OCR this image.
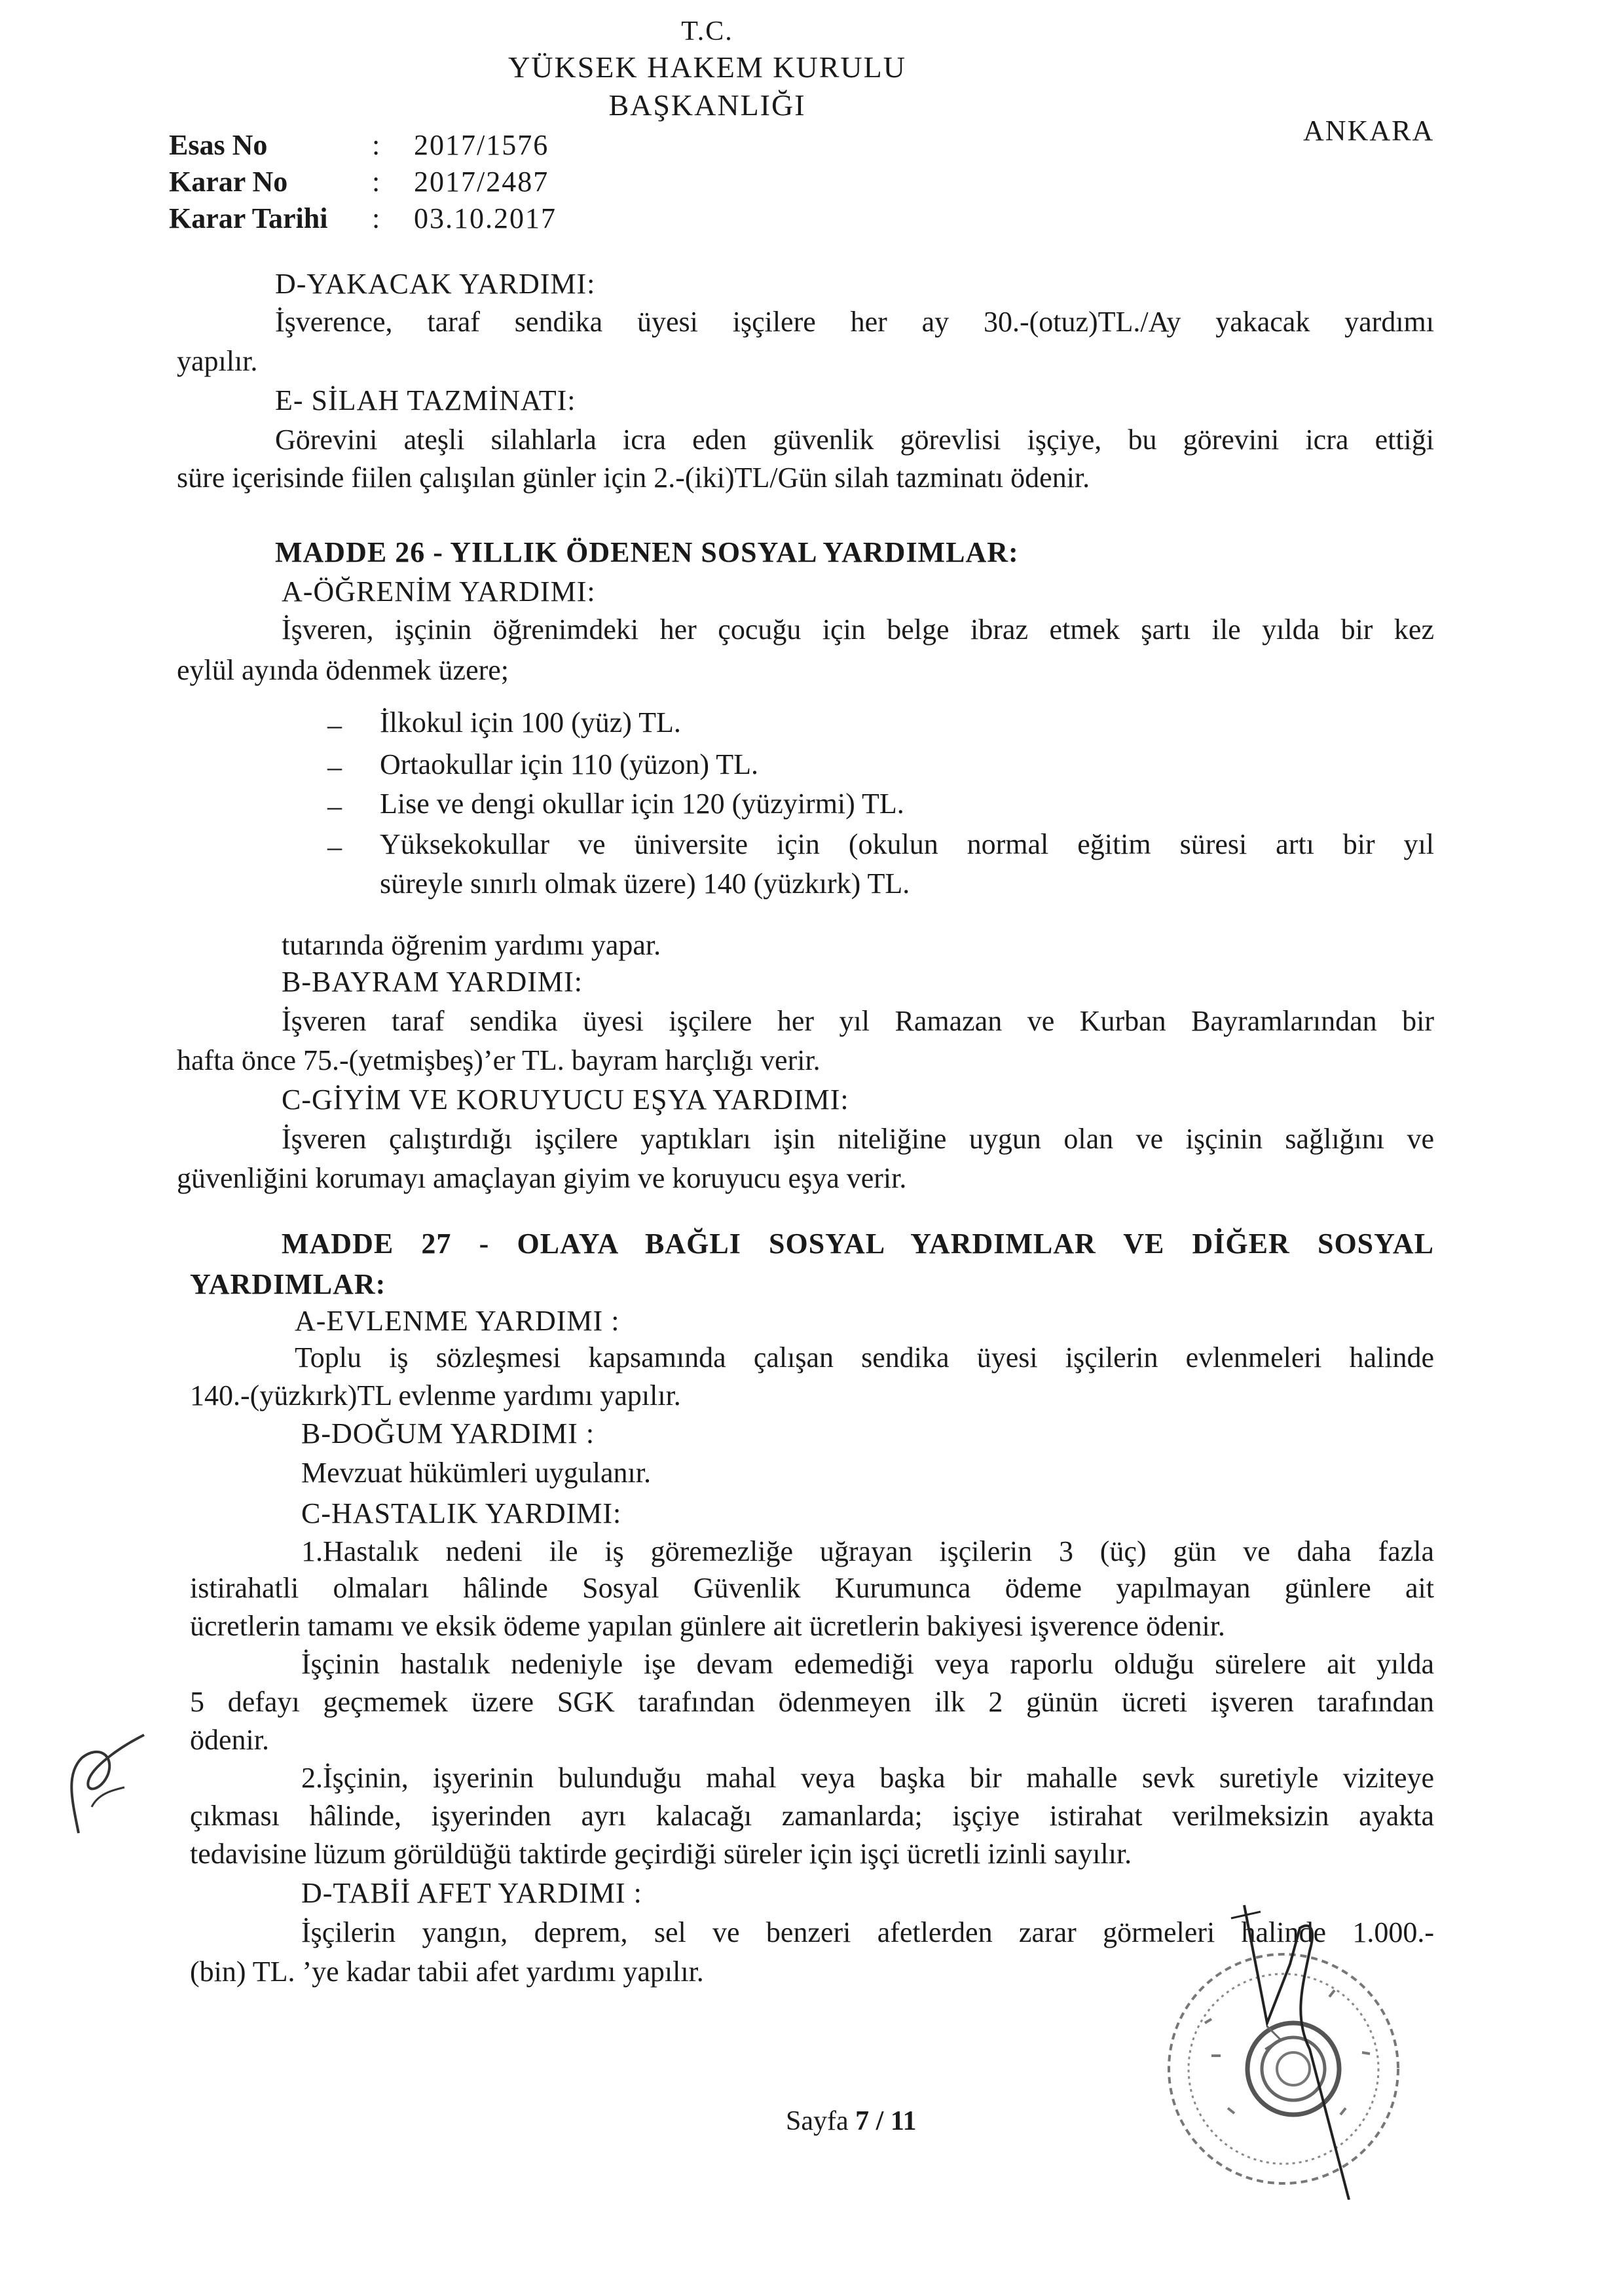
T.C.
YÜKSEK HAKEM KURULU
BAŞKANLIĞI
ANKARA
Esas No	:	2017/1576
Karar No	:	2017/2487
Karar Tarihi	:	03.10.2017
D-YAKACAK YARDIMI:
İşverence, taraf sendika üyesi işçilere her ay 30.-(otuz)TL./Ay yakacak yardımı
yapılır.
E- SİLAH TAZMİNATI:
Görevini ateşli silahlarla icra eden güvenlik görevlisi işçiye, bu görevini icra ettiği
süre içerisinde fiilen çalışılan günler için 2.-(iki)TL/Gün silah tazminatı ödenir.
MADDE 26 - YILLIK ÖDENEN SOSYAL YARDIMLAR:
A-ÖĞRENİM YARDIMI:
İşveren, işçinin öğrenimdeki her çocuğu için belge ibraz etmek şartı ile yılda bir kez
eylül ayında ödenmek üzere;
– İlkokul için 100 (yüz) TL.
– Ortaokullar için 110 (yüzon) TL.
– Lise ve dengi okullar için 120 (yüzyirmi) TL.
– Yüksekokullar ve üniversite için (okulun normal eğitim süresi artı bir yıl
süreyle sınırlı olmak üzere) 140 (yüzkırk) TL.
tutarında öğrenim yardımı yapar.
B-BAYRAM YARDIMI:
İşveren taraf sendika üyesi işçilere her yıl Ramazan ve Kurban Bayramlarından bir
hafta önce 75.-(yetmişbeş)’er TL. bayram harçlığı verir.
C-GİYİM VE KORUYUCU EŞYA YARDIMI:
İşveren çalıştırdığı işçilere yaptıkları işin niteliğine uygun olan ve işçinin sağlığını ve
güvenliğini korumayı amaçlayan giyim ve koruyucu eşya verir.
MADDE 27 - OLAYA BAĞLI SOSYAL YARDIMLAR VE DİĞER SOSYAL
YARDIMLAR:
A-EVLENME YARDIMI :
Toplu iş sözleşmesi kapsamında çalışan sendika üyesi işçilerin evlenmeleri halinde
140.-(yüzkırk)TL evlenme yardımı yapılır.
B-DOĞUM YARDIMI :
Mevzuat hükümleri uygulanır.
C-HASTALIK YARDIMI:
1.Hastalık nedeni ile iş göremezliğe uğrayan işçilerin 3 (üç) gün ve daha fazla
istirahatli olmaları hâlinde Sosyal Güvenlik Kurumunca ödeme yapılmayan günlere ait
ücretlerin tamamı ve eksik ödeme yapılan günlere ait ücretlerin bakiyesi işverence ödenir.
İşçinin hastalık nedeniyle işe devam edemediği veya raporlu olduğu sürelere ait yılda
5 defayı geçmemek üzere SGK tarafından ödenmeyen ilk 2 günün ücreti işveren tarafından
ödenir.
2.İşçinin, işyerinin bulunduğu mahal veya başka bir mahalle sevk suretiyle viziteye
çıkması hâlinde, işyerinden ayrı kalacağı zamanlarda; işçiye istirahat verilmeksizin ayakta
tedavisine lüzum görüldüğü taktirde geçirdiği süreler için işçi ücretli izinli sayılır.
D-TABİİ AFET YARDIMI :
İşçilerin yangın, deprem, sel ve benzeri afetlerden zarar görmeleri halinde 1.000.-
(bin) TL. ’ye kadar tabii afet yardımı yapılır.
Sayfa 7 / 11
